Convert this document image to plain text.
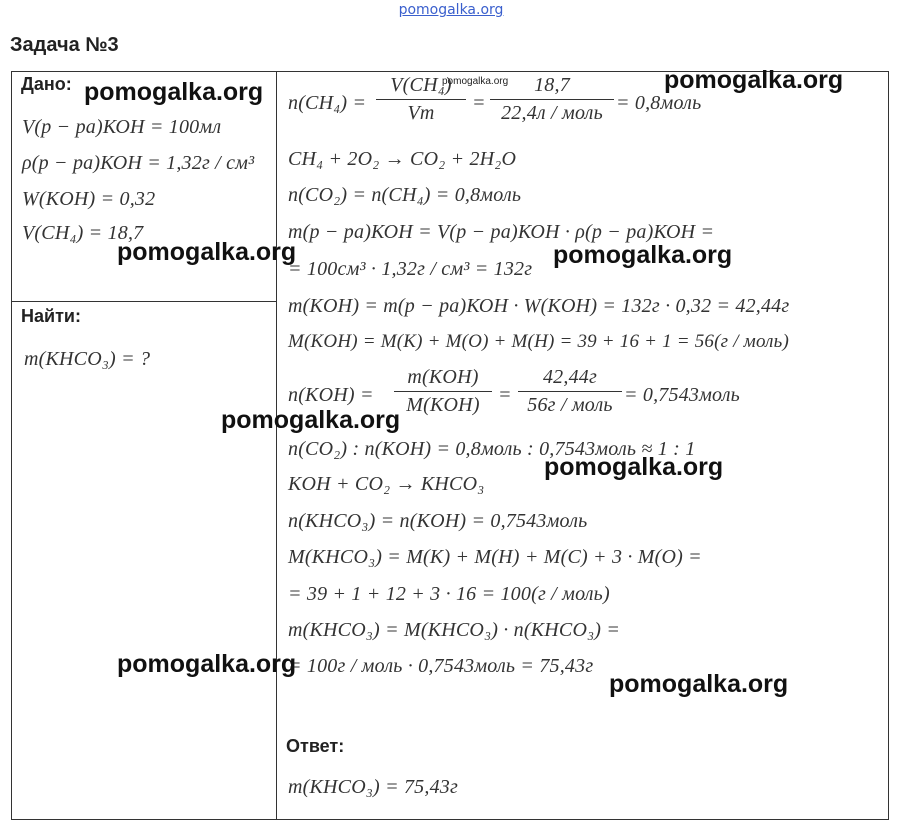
pomogalka.org
Задача №3
Дано:
V(р − ра)КОН = 100мл
ρ(р − ра)КОН = 1,32г / см³
W(KOH) = 0,32
V(CH₄) = 18,7
Найти:
m(KHCO₃) = ?
n(CH₄) =
V(CH₄)
Vm	=
18,7
22,4л / моль = 0,8моль
CH₄ + 2O₂ → CO₂ + 2H₂O
n(CO₂) = n(CH₄) = 0,8моль
m(р − ра)КОН = V(р − ра)КОН · ρ(р − ра)КОН =
= 100см³ · 1,32г / см³ = 132г
m(KOH) = m(р − ра)КОН · W(KOH) = 132г · 0,32 = 42,44г
M(KOH) = M(K) + M(O) + M(H) = 39 + 16 + 1 = 56(г / моль)
n(KOH) =
m(KOH)
M(KOH) =
42,44г
56г / моль = 0,7543моль
n(CO₂) : n(KOH) = 0,8моль : 0,7543моль ≈ 1 : 1
KOH + CO₂ → KHCO₃
n(KHCO₃) = n(KOH) = 0,7543моль
M(KHCO₃) = M(K) + M(H) + M(C) + 3 · M(O) =
= 39 + 1 + 12 + 3 · 16 = 100(г / моль)
m(KHCO₃) = M(KHCO₃) · n(KHCO₃) =
= 100г / моль · 0,7543моль = 75,43г
Ответ:
m(KHCO₃) = 75,43г
pomogalka.org	pomogalka.org	pomogalka.org
pomogalka.org	pomogalka.org
pomogalka.org
pomogalka.org
pomogalka.org
pomogalka.org
